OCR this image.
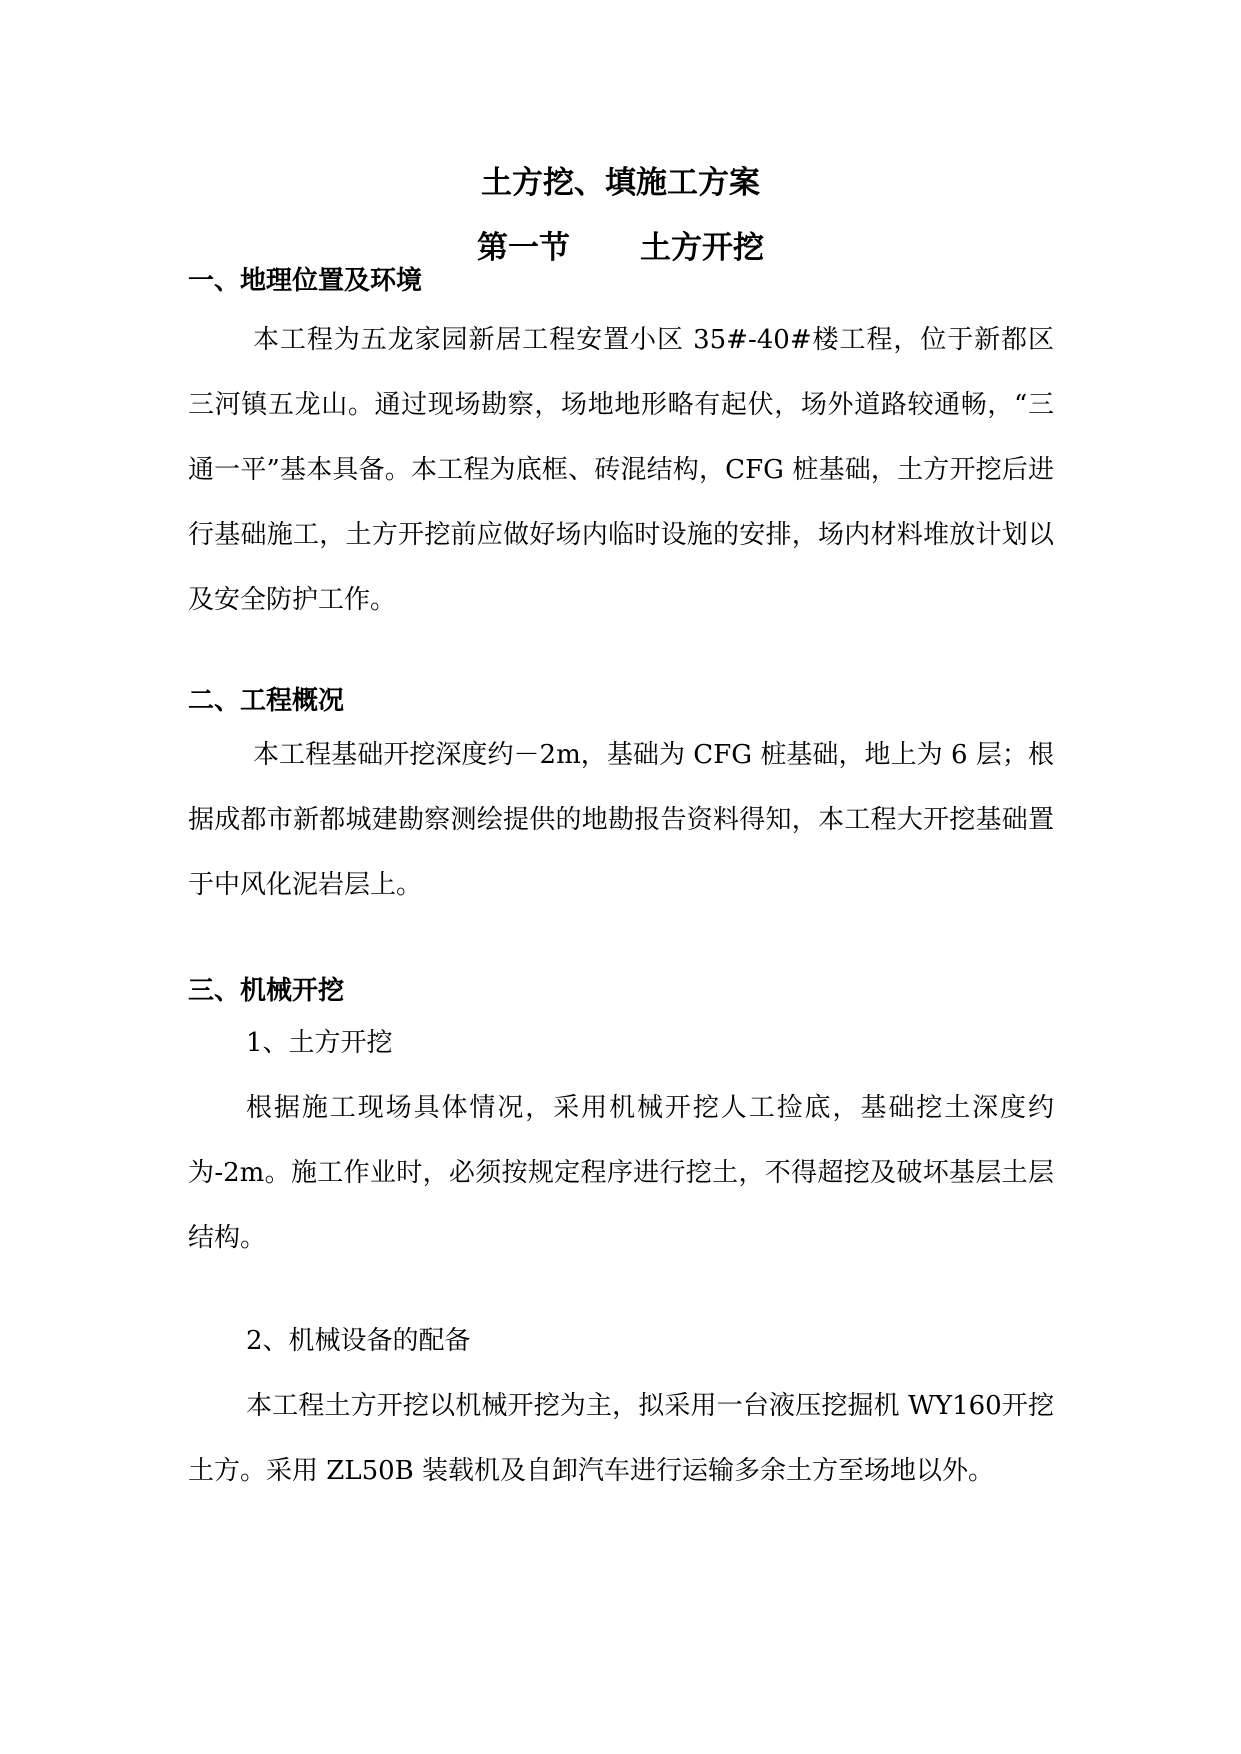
土方挖、填施工方案
第一节 土方开挖
一、地理位置及环境

本工程为五龙家园新居工程安置小区 35#-40#楼工程，位于新都区三河镇五龙山。通过现场勘察，场地地形略有起伏，场外道路较通畅，“三通一平”基本具备。本工程为底框、砖混结构，CFG 桩基础，土方开挖后进行基础施工，土方开挖前应做好场内临时设施的安排，场内材料堆放计划以及安全防护工作。

二、工程概况

本工程基础开挖深度约－2m，基础为 CFG 桩基础，地上为 6 层；根据成都市新都城建勘察测绘提供的地勘报告资料得知，本工程大开挖基础置于中风化泥岩层上。

三、机械开挖
1、土方开挖

根据施工现场具体情况，采用机械开挖人工捡底，基础挖土深度约为-2m。施工作业时，必须按规定程序进行挖土，不得超挖及破坏基层土层结构。

2、机械设备的配备

本工程土方开挖以机械开挖为主，拟采用一台液压挖掘机 WY160开挖土方。采用 ZL50B 装载机及自卸汽车进行运输多余土方至场地以外。
